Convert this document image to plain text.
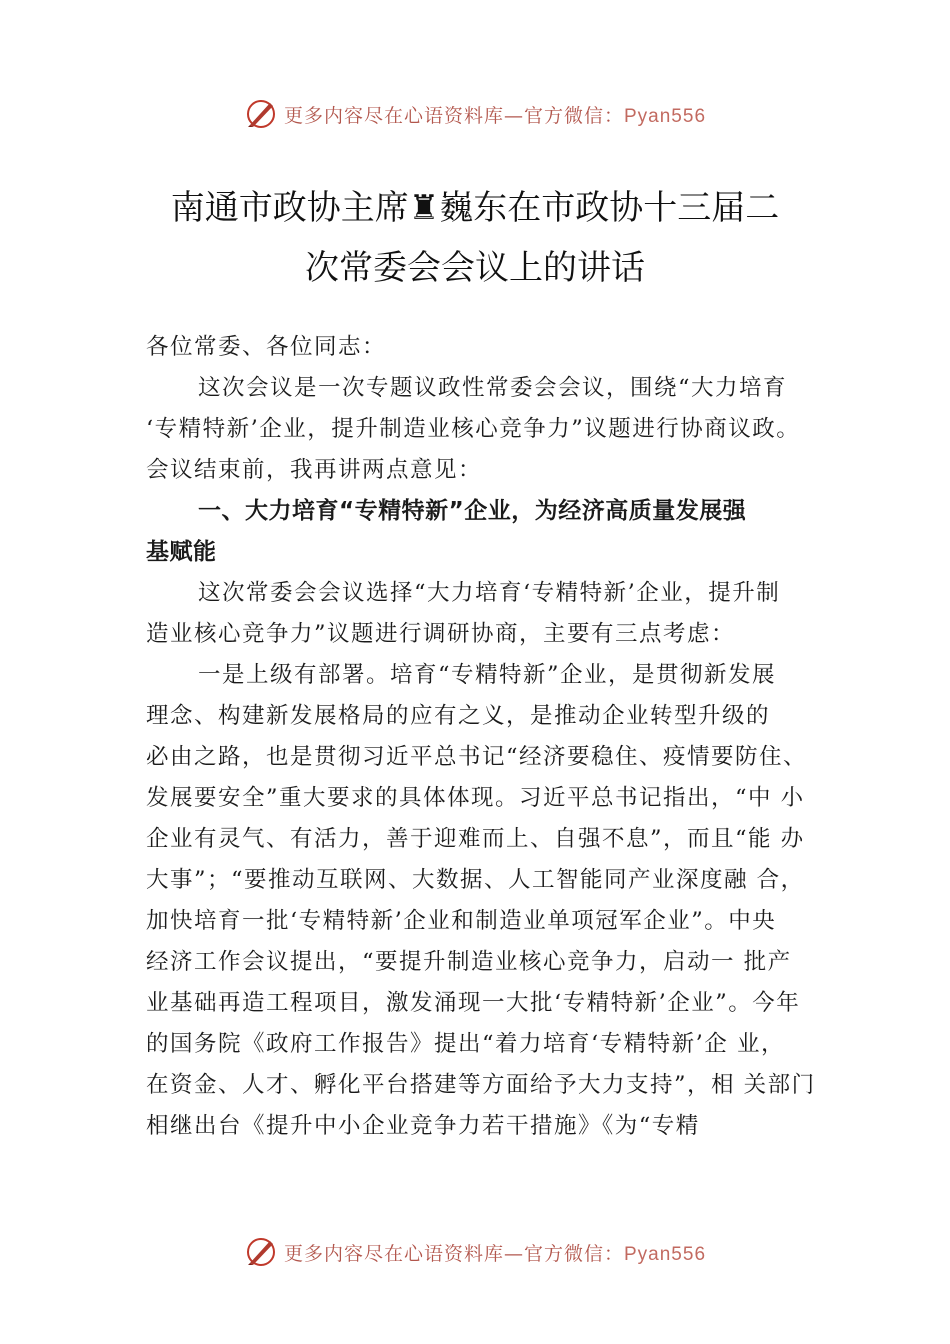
更多内容尽在心语资料库—官方微信：Pyan556
南通市政协主席♜巍东在市政协十三届二
次常委会会议上的讲话
各位常委、各位同志：
这次会议是一次专题议政性常委会会议，围绕“大力培育
‘专精特新’企业，提升制造业核心竞争力”议题进行协商议政。
会议结束前，我再讲两点意见：
一、大力培育“专精特新”企业，为经济高质量发展强
基赋能
这次常委会会议选择“大力培育‘专精特新’企业，提升制
造业核心竞争力”议题进行调研协商，主要有三点考虑：
一是上级有部署。培育“专精特新”企业，是贯彻新发展
理念、构建新发展格局的应有之义，是推动企业转型升级的
必由之路，也是贯彻习近平总书记“经济要稳住、疫情要防住、
发展要安全”重大要求的具体体现。习近平总书记指出，“中 小
企业有灵气、有活力，善于迎难而上、自强不息”，而且“能 办
大事”；“要推动互联网、大数据、人工智能同产业深度融 合，
加快培育一批‘专精特新’企业和制造业单项冠军企业”。中央
经济工作会议提出，“要提升制造业核心竞争力，启动一 批产
业基础再造工程项目，激发涌现一大批‘专精特新’企业”。今年
的国务院《政府工作报告》提出“着力培育‘专精特新’企 业，
在资金、人才、孵化平台搭建等方面给予大力支持”，相 关部门
相继出台《提升中小企业竞争力若干措施》《为“专精
更多内容尽在心语资料库—官方微信：Pyan556
